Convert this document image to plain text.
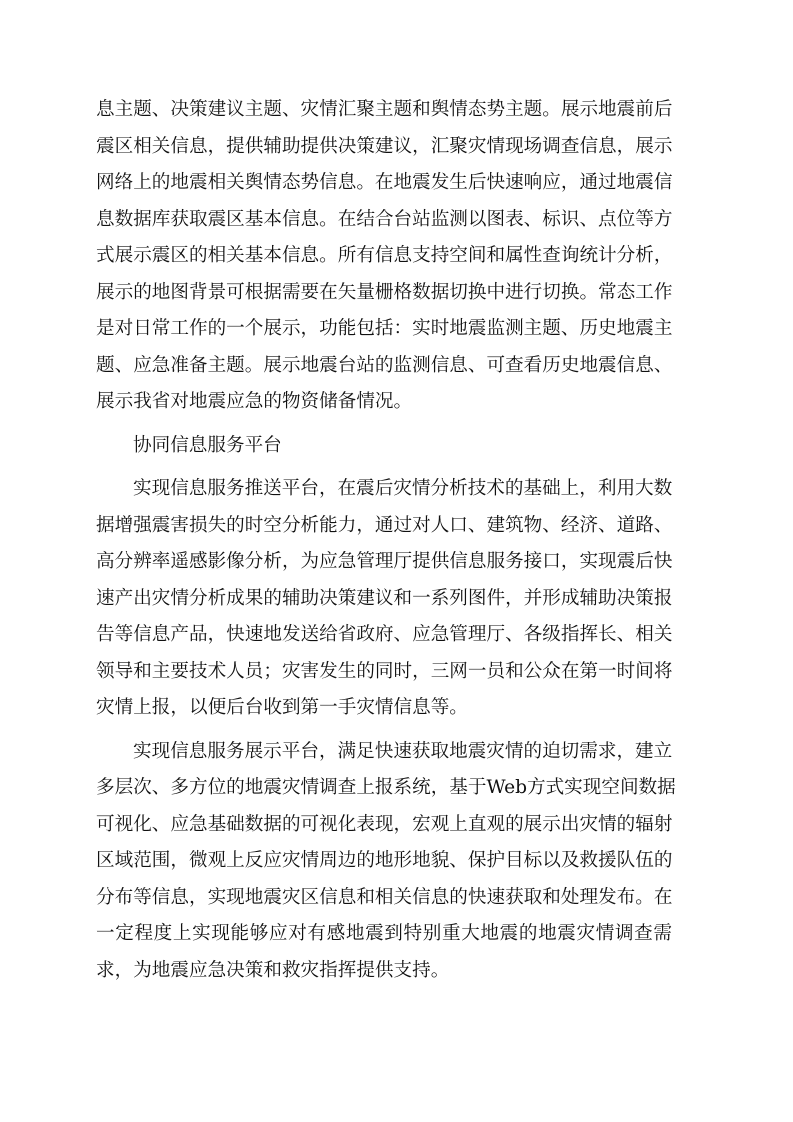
息主题、决策建议主题、灾情汇聚主题和舆情态势主题。展示地震前后
震区相关信息，提供辅助提供决策建议，汇聚灾情现场调查信息，展示
网络上的地震相关舆情态势信息。在地震发生后快速响应，通过地震信
息数据库获取震区基本信息。在结合台站监测以图表、标识、点位等方
式展示震区的相关基本信息。所有信息支持空间和属性查询统计分析，
展示的地图背景可根据需要在矢量栅格数据切换中进行切换。常态工作
是对日常工作的一个展示，功能包括：实时地震监测主题、历史地震主
题、应急准备主题。展示地震台站的监测信息、可查看历史地震信息、
展示我省对地震应急的物资储备情况。
协同信息服务平台
实现信息服务推送平台，在震后灾情分析技术的基础上，利用大数
据增强震害损失的时空分析能力，通过对人口、建筑物、经济、道路、
高分辨率遥感影像分析，为应急管理厅提供信息服务接口，实现震后快
速产出灾情分析成果的辅助决策建议和一系列图件，并形成辅助决策报
告等信息产品，快速地发送给省政府、应急管理厅、各级指挥长、相关
领导和主要技术人员；灾害发生的同时，三网一员和公众在第一时间将
灾情上报，以便后台收到第一手灾情信息等。
实现信息服务展示平台，满足快速获取地震灾情的迫切需求，建立
多层次、多方位的地震灾情调查上报系统，基于Web方式实现空间数据
可视化、应急基础数据的可视化表现，宏观上直观的展示出灾情的辐射
区域范围，微观上反应灾情周边的地形地貌、保护目标以及救援队伍的
分布等信息，实现地震灾区信息和相关信息的快速获取和处理发布。在
一定程度上实现能够应对有感地震到特别重大地震的地震灾情调查需
求，为地震应急决策和救灾指挥提供支持。
